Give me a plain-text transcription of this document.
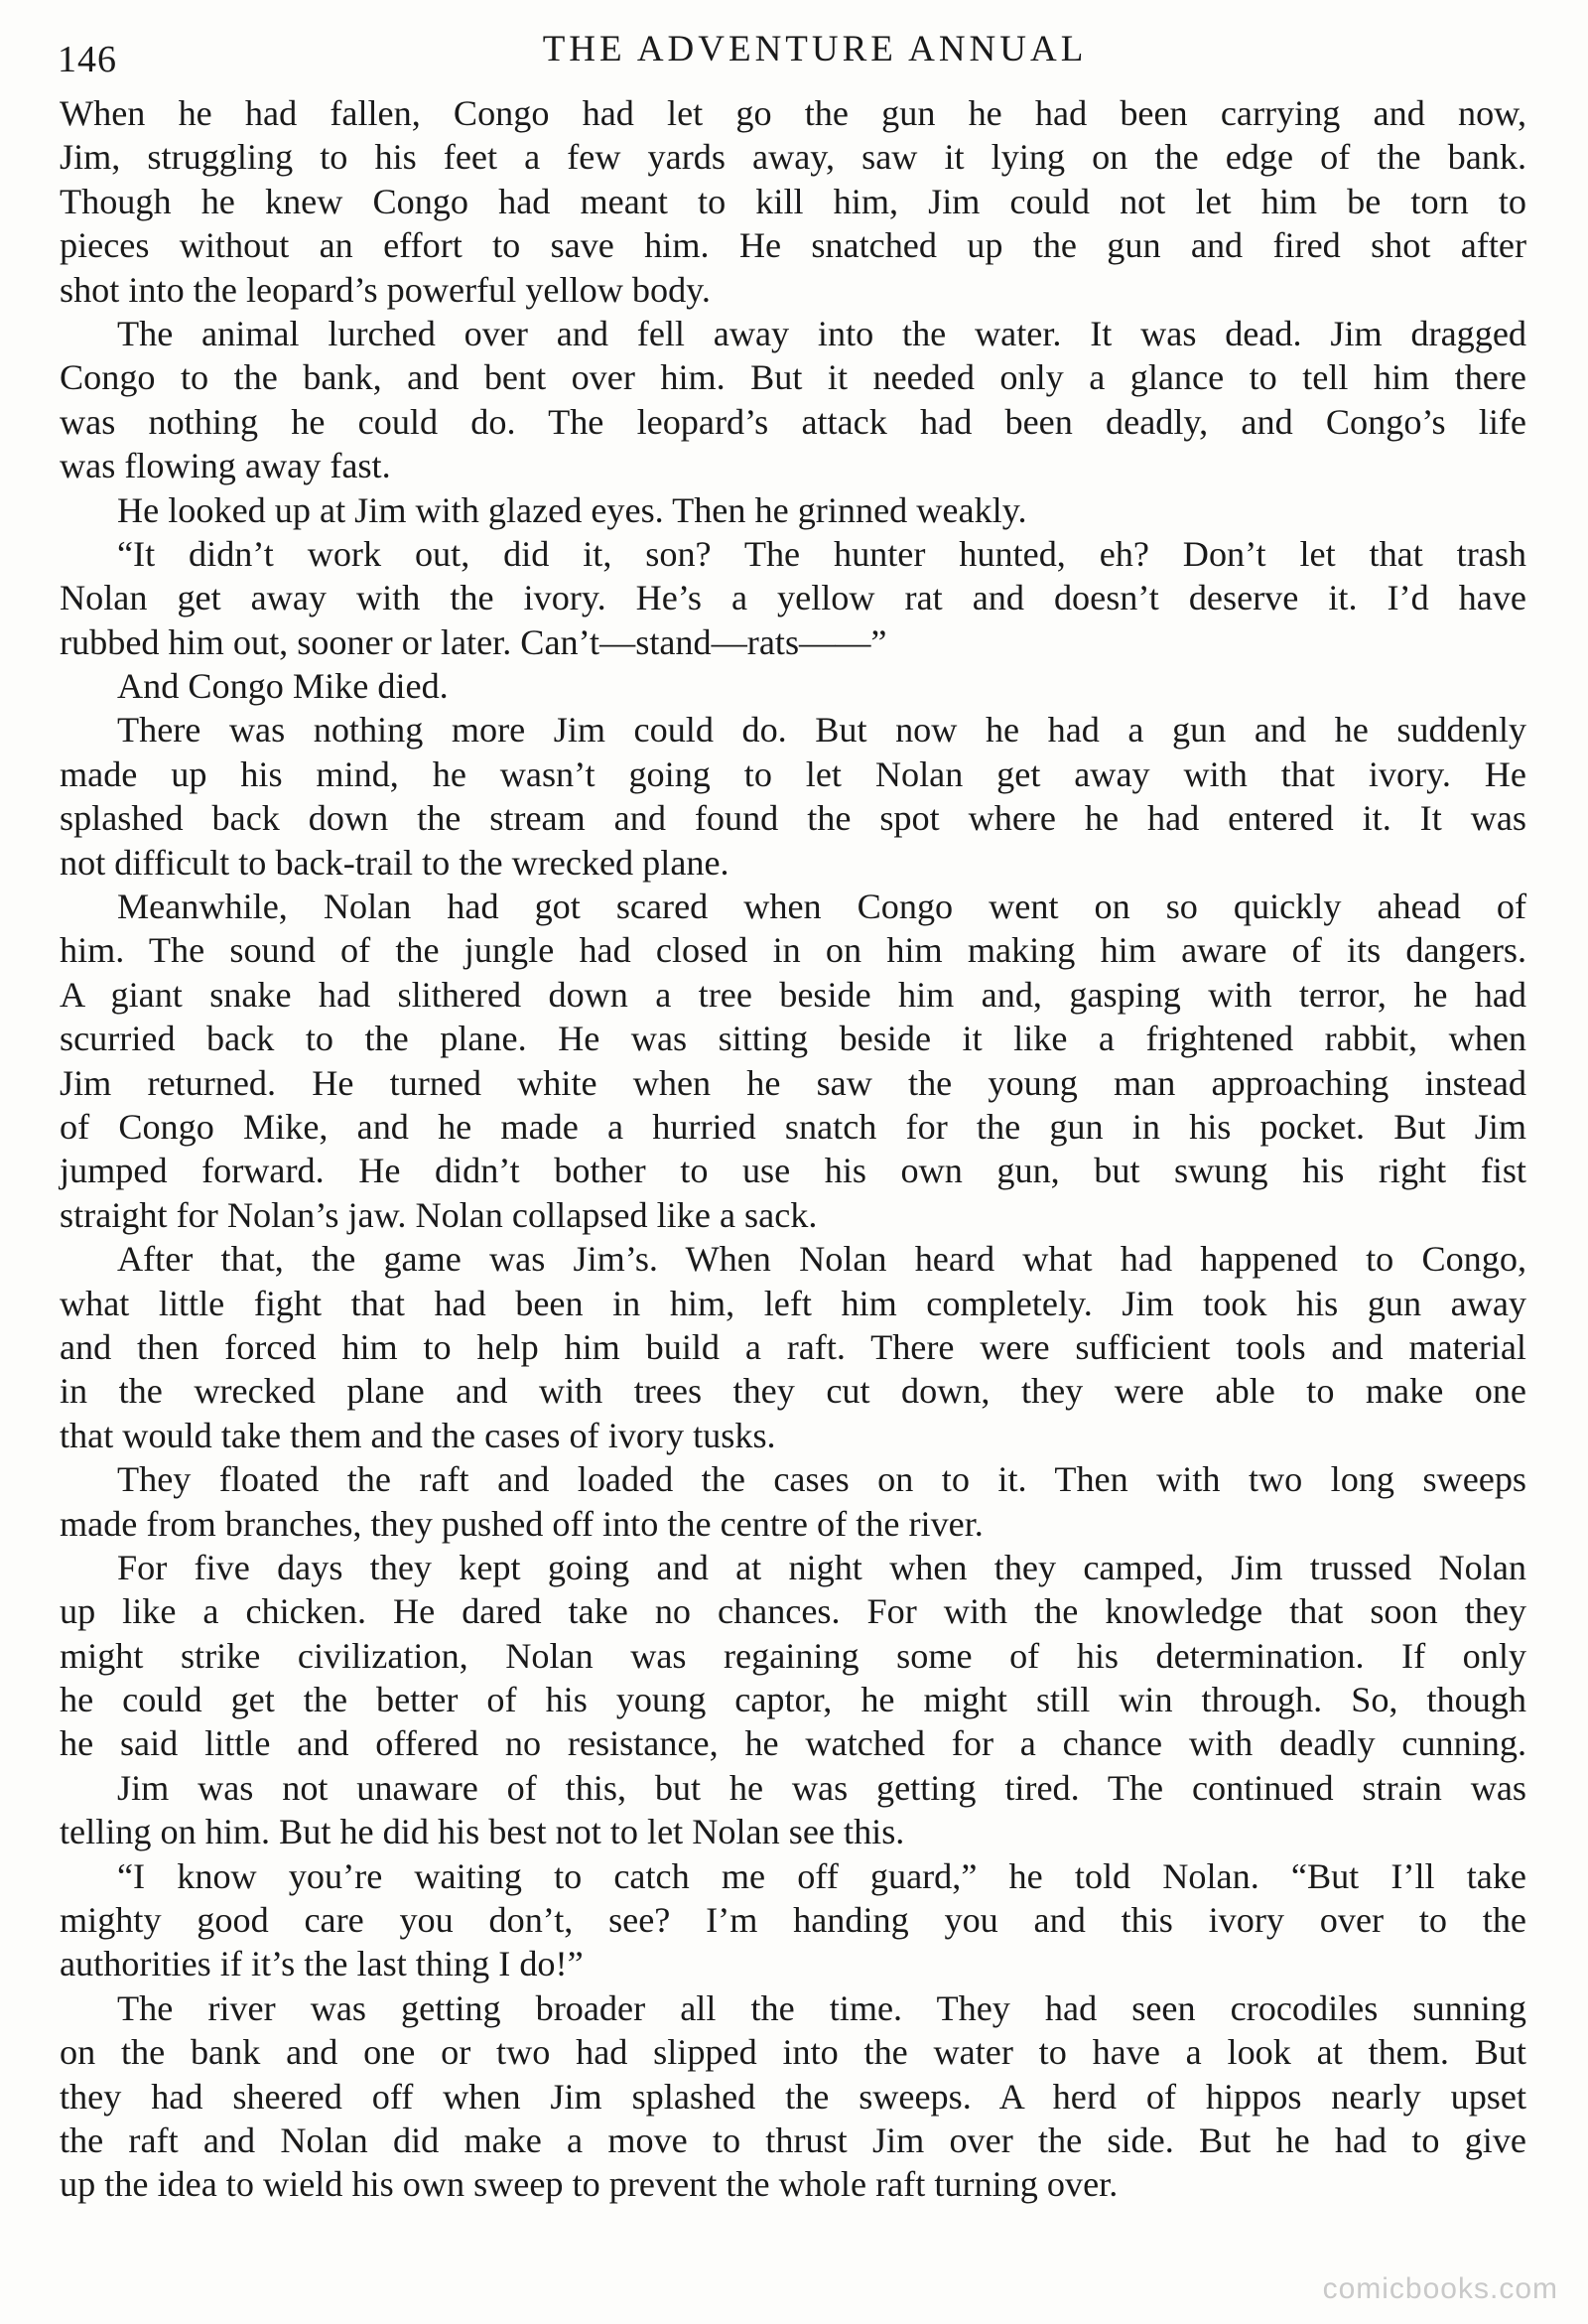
146	THE ADVENTURE ANNUAL
When he had fallen, Congo had let go the gun he had been carrying and now,
Jim, struggling to his feet a few yards away, saw it lying on the edge of the bank.
Though he knew Congo had meant to kill him, Jim could not let him be torn to
pieces without an effort to save him. He snatched up the gun and fired shot after
shot into the leopard’s powerful yellow body.
The animal lurched over and fell away into the water. It was dead. Jim dragged
Congo to the bank, and bent over him. But it needed only a glance to tell him there
was nothing he could do. The leopard’s attack had been deadly, and Congo’s life
was flowing away fast.
He looked up at Jim with glazed eyes. Then he grinned weakly.
“It didn’t work out, did it, son? The hunter hunted, eh? Don’t let that trash
Nolan get away with the ivory. He’s a yellow rat and doesn’t deserve it. I’d have
rubbed him out, sooner or later. Can’t—stand—rats——”
And Congo Mike died.
There was nothing more Jim could do. But now he had a gun and he suddenly
made up his mind, he wasn’t going to let Nolan get away with that ivory. He
splashed back down the stream and found the spot where he had entered it. It was
not difficult to back-trail to the wrecked plane.
Meanwhile, Nolan had got scared when Congo went on so quickly ahead of
him. The sound of the jungle had closed in on him making him aware of its dangers.
A giant snake had slithered down a tree beside him and, gasping with terror, he had
scurried back to the plane. He was sitting beside it like a frightened rabbit, when
Jim returned. He turned white when he saw the young man approaching instead
of Congo Mike, and he made a hurried snatch for the gun in his pocket. But Jim
jumped forward. He didn’t bother to use his own gun, but swung his right fist
straight for Nolan’s jaw. Nolan collapsed like a sack.
After that, the game was Jim’s. When Nolan heard what had happened to Congo,
what little fight that had been in him, left him completely. Jim took his gun away
and then forced him to help him build a raft. There were sufficient tools and material
in the wrecked plane and with trees they cut down, they were able to make one
that would take them and the cases of ivory tusks.
They floated the raft and loaded the cases on to it. Then with two long sweeps
made from branches, they pushed off into the centre of the river.
For five days they kept going and at night when they camped, Jim trussed Nolan
up like a chicken. He dared take no chances. For with the knowledge that soon they
might strike civilization, Nolan was regaining some of his determination. If only
he could get the better of his young captor, he might still win through. So, though
he said little and offered no resistance, he watched for a chance with deadly cunning.
Jim was not unaware of this, but he was getting tired. The continued strain was
telling on him. But he did his best not to let Nolan see this.
“I know you’re waiting to catch me off guard,” he told Nolan. “But I’ll take
mighty good care you don’t, see? I’m handing you and this ivory over to the
authorities if it’s the last thing I do!”
The river was getting broader all the time. They had seen crocodiles sunning
on the bank and one or two had slipped into the water to have a look at them. But
they had sheered off when Jim splashed the sweeps. A herd of hippos nearly upset
the raft and Nolan did make a move to thrust Jim over the side. But he had to give
up the idea to wield his own sweep to prevent the whole raft turning over.
comicbooks.com
